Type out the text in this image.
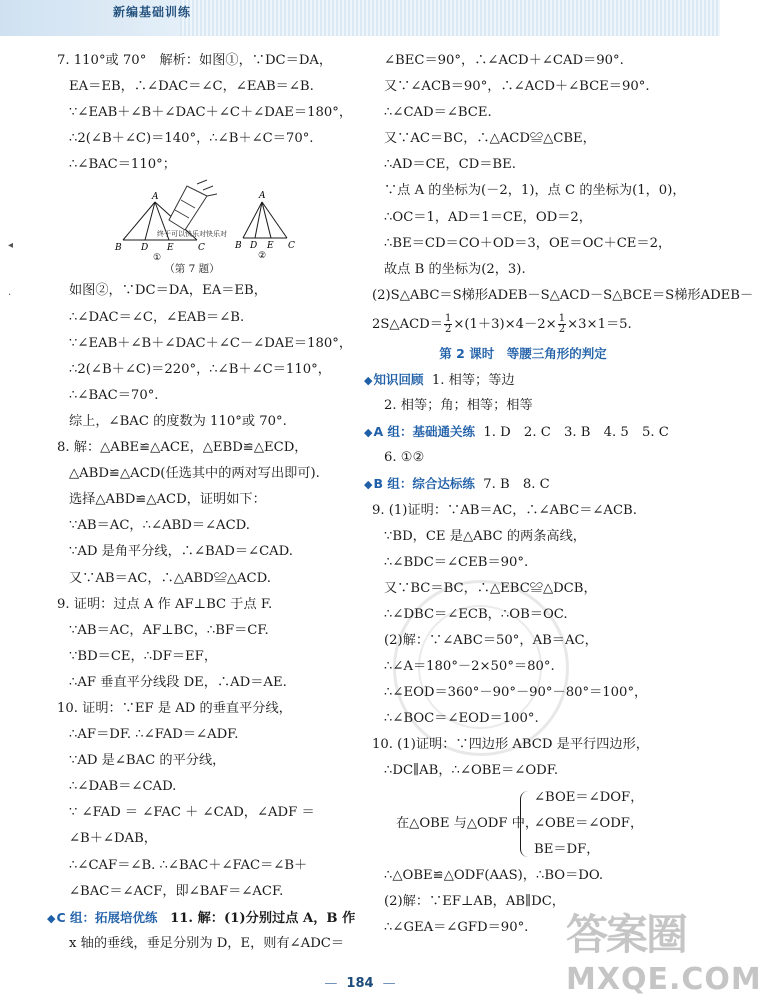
新编基础训练
◂
·
7. 110°或 70°　解析：如图①，∵DC＝DA，
EA＝EB，∴∠DAC＝∠C，∠EAB＝∠B.
∵∠EAB＋∠B＋∠DAC＋∠C＋∠DAE＝180°，
∴2(∠B＋∠C)＝140°，∴∠B＋∠C＝70°.
∴∠BAC＝110°；
A
B D E	C
①
终于可以快乐对快乐对
A
B D E C
②
（第 7 题）
如图②，∵DC＝DA，EA＝EB，
∴∠DAC＝∠C，∠EAB＝∠B.
∵∠EAB＋∠B＋∠DAC＋∠C－∠DAE＝180°，
∴2(∠B＋∠C)＝220°，∴∠B＋∠C＝110°，
∴∠BAC＝70°.
综上，∠BAC 的度数为 110°或 70°.
8. 解：△ABE≌△ACE，△EBD≌△ECD，
△ABD≌△ACD(任选其中的两对写出即可).
选择△ABD≌△ACD，证明如下：
∵AB＝AC，∴∠ABD＝∠ACD.
∵AD 是角平分线，∴∠BAD＝∠CAD.
又∵AB＝AC，∴△ABD≌△ACD.
9. 证明：过点 A 作 AF⊥BC 于点 F.
∵AB＝AC，AF⊥BC，∴BF＝CF.
∵BD＝CE，∴DF＝EF，
∴AF 垂直平分线段 DE，∴AD＝AE.
10. 证明：∵EF 是 AD 的垂直平分线，
∴AF＝DF. ∴∠FAD＝∠ADF.
∵AD 是∠BAC 的平分线，
∴∠DAB＝∠CAD.
∵ ∠FAD ＝ ∠FAC ＋ ∠CAD，∠ADF ＝
∠B＋∠DAB，
∴∠CAF＝∠B. ∴∠BAC＋∠FAC＝∠B＋
∠BAC＝∠ACF，即∠BAF＝∠ACF.
◆C 组：拓展培优练 11. 解：(1)分别过点 A，B 作
x 轴的垂线，垂足分别为 D，E，则有∠ADC＝
∠BEC＝90°，∴∠ACD＋∠CAD＝90°.
又∵∠ACB＝90°，∴∠ACD＋∠BCE＝90°.
∴∠CAD＝∠BCE.
又∵AC＝BC，∴△ACD≌△CBE，
∴AD＝CE，CD＝BE.
∵点 A 的坐标为(－2，1)，点 C 的坐标为(1，0)，
∴OC＝1，AD＝1＝CE，OD＝2，
∴BE＝CD＝CO＋OD＝3，OE＝OC＋CE＝2，
故点 B 的坐标为(2，3).
(2)S△ABC＝S梯形ADEB－S△ACD－S△BCE＝S梯形ADEB－
2S△ACD＝ $\frac{1}{2} \times(1+3)\times 4-2\times \frac{1}{2} \times 3\times 1=5$.
第 2 课时　等腰三角形的判定
◆知识回顾 1. 相等；等边
2. 相等；角；相等；相等
◆A 组：基础通关练 1. D　2. C　3. B　4. 5　5. C
6. ①②
◆B 组：综合达标练 7. B　8. C
9. (1)证明：∵AB＝AC，∴∠ABC＝∠ACB.
∵BD，CE 是△ABC 的两条高线，
∴∠BDC＝∠CEB＝90°.
又∵BC＝BC，∴△EBC≌△DCB，
∴∠DBC＝∠ECB，∴OB＝OC.
(2)解：∵∠ABC＝50°，AB＝AC，
∴∠A＝180°－2×50°＝80°.
∴∠EOD＝360°－90°－90°－80°＝100°，
∴∠BOC＝∠EOD＝100°.
10. (1)证明：∵四边形 ABCD 是平行四边形，
∴DC∥AB，∴∠OBE＝∠ODF.
在△OBE 与△ODF 中，
∠BOE＝∠DOF，
∠OBE＝∠ODF，
BE＝DF，
∴△OBE≌△ODF(AAS)，∴BO＝DO.
(2)解：∵EF⊥AB，AB∥DC，
∴∠GEA＝∠GFD＝90°.
— 184 —
答案圈
MXQE.COM
